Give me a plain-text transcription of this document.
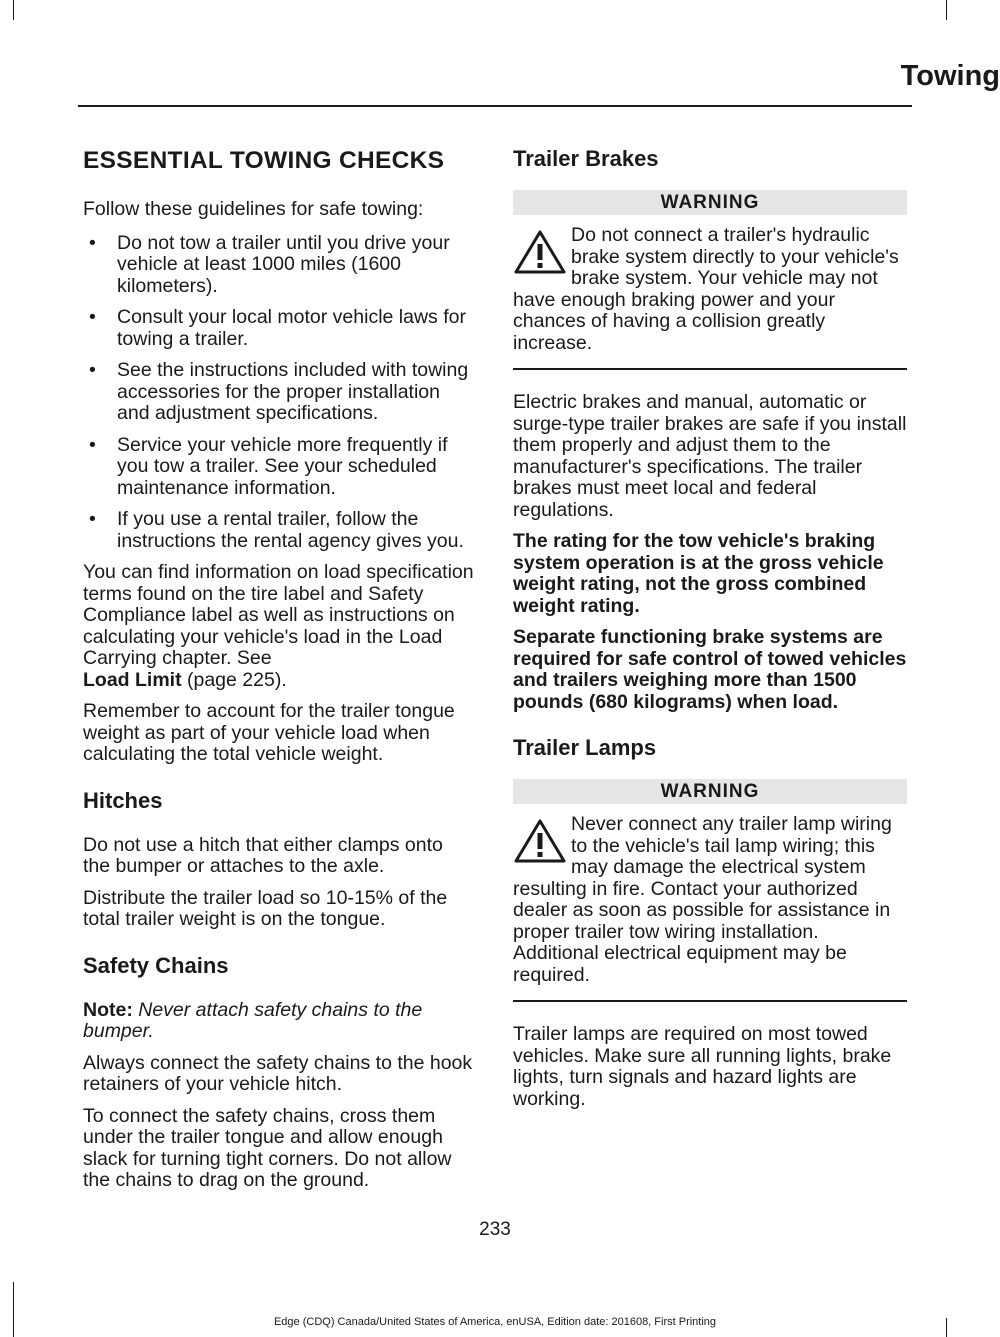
Towing
ESSENTIAL TOWING CHECKS

Follow these guidelines for safe towing:

• Do not tow a trailer until you drive your vehicle at least 1000 miles (1600 kilometers).
• Consult your local motor vehicle laws for towing a trailer.
• See the instructions included with towing accessories for the proper installation and adjustment specifications.
• Service your vehicle more frequently if you tow a trailer. See your scheduled maintenance information.
• If you use a rental trailer, follow the instructions the rental agency gives you.

You can find information on load specification terms found on the tire label and Safety Compliance label as well as instructions on calculating your vehicle's load in the Load Carrying chapter. See
Load Limit (page 225).

Remember to account for the trailer tongue weight as part of your vehicle load when calculating the total vehicle weight.

Hitches

Do not use a hitch that either clamps onto the bumper or attaches to the axle.

Distribute the trailer load so 10-15% of the total trailer weight is on the tongue.

Safety Chains

Note: Never attach safety chains to the bumper.

Always connect the safety chains to the hook retainers of your vehicle hitch.

To connect the safety chains, cross them under the trailer tongue and allow enough slack for turning tight corners. Do not allow the chains to drag on the ground.

Trailer Brakes
WARNING

Do not connect a trailer's hydraulic brake system directly to your vehicle's brake system. Your vehicle may not have enough braking power and your chances of having a collision greatly increase.

Electric brakes and manual, automatic or surge-type trailer brakes are safe if you install them properly and adjust them to the manufacturer's specifications. The trailer brakes must meet local and federal regulations.

The rating for the tow vehicle's braking system operation is at the gross vehicle weight rating, not the gross combined weight rating.

Separate functioning brake systems are required for safe control of towed vehicles and trailers weighing more than 1500 pounds (680 kilograms) when load.

Trailer Lamps
WARNING

Never connect any trailer lamp wiring to the vehicle's tail lamp wiring; this may damage the electrical system resulting in fire. Contact your authorized dealer as soon as possible for assistance in proper trailer tow wiring installation. Additional electrical equipment may be required.

Trailer lamps are required on most towed vehicles. Make sure all running lights, brake lights, turn signals and hazard lights are working.

233
Edge (CDQ) Canada/United States of America, enUSA, Edition date: 201608, First Printing
